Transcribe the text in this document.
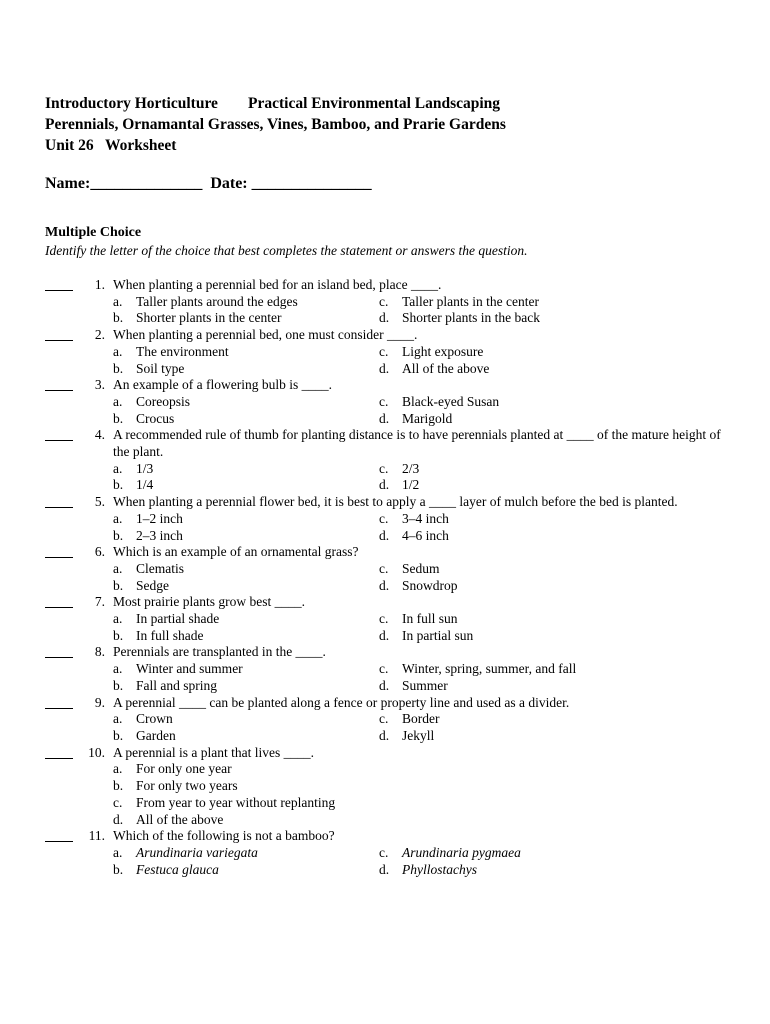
Introductory Horticulture Practical Environmental Landscaping
Perennials, Ornamantal Grasses, Vines, Bamboo, and Prarie Gardens
Unit 26   Worksheet
Name:______________  Date: _______________
Multiple Choice
Identify the letter of the choice that best completes the statement or answers the question.
1. When planting a perennial bed for an island bed, place ____.
a.	Taller plants around the edges	c.	Taller plants in the center
b. Shorter plants in the center	d. Shorter plants in the back
2. When planting a perennial bed, one must consider ____.
a.	The environment	c.	Light exposure
b. Soil type	d. All of the above
3. An example of a flowering bulb is ____.
a.	Coreopsis	c.	Black-eyed Susan
b. Crocus	d. Marigold
4. A recommended rule of thumb for planting distance is to have perennials planted at ____ of the mature height of the plant.
a.	1/3	c.	2/3
b. 1/4	d. 1/2
5. When planting a perennial flower bed, it is best to apply a ____ layer of mulch before the bed is planted.
a.	1–2 inch	c.	3–4 inch
b. 2–3 inch	d. 4–6 inch
6. Which is an example of an ornamental grass?
a.	Clematis	c.	Sedum
b. Sedge	d. Snowdrop
7. Most prairie plants grow best ____.
a.	In partial shade	c.	In full sun
b. In full shade	d. In partial sun
8. Perennials are transplanted in the ____.
a.	Winter and summer	c.	Winter, spring, summer, and fall
b. Fall and spring	d. Summer
9. A perennial ____ can be planted along a fence or property line and used as a divider.
a.	Crown	c.	Border
b. Garden	d. Jekyll
10. A perennial is a plant that lives ____.
a.	For only one year
b. For only two years
c.	From year to year without replanting
d. All of the above
11. Which of the following is not a bamboo?
a.	Arundinaria variegata	c.	Arundinaria pygmaea
b. Festuca glauca	d. Phyllostachys
